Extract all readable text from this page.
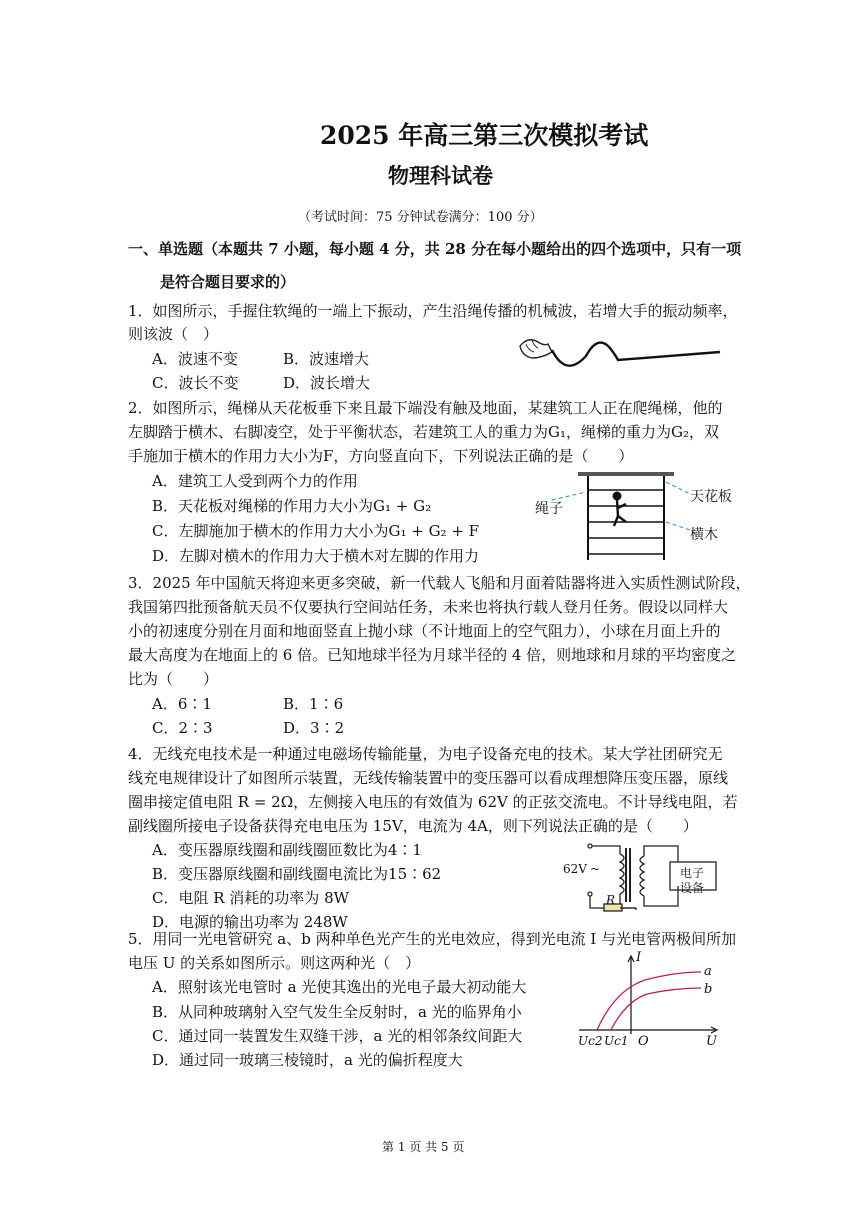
2025 年高三第三次模拟考试
物理科试卷
（考试时间：75 分钟试卷满分：100 分）
一、单选题（本题共 7 小题，每小题 4 分，共 28 分在每小题给出的四个选项中，只有一项
是符合题目要求的）
1．如图所示，手握住软绳的一端上下振动，产生沿绳传播的机械波，若增大手的振动频率，
则该波（　）
A．波速不变	B．波速增大
C．波长不变	D．波长增大
2．如图所示，绳梯从天花板垂下来且最下端没有触及地面，某建筑工人正在爬绳梯，他的
左脚踏于横木、右脚凌空，处于平衡状态，若建筑工人的重力为G₁，绳梯的重力为G₂，双
手施加于横木的作用力大小为F，方向竖直向下，下列说法正确的是（　　）
A．建筑工人受到两个力的作用
B．天花板对绳梯的作用力大小为G₁ + G₂
C．左脚施加于横木的作用力大小为G₁ + G₂ + F
D．左脚对横木的作用力大于横木对左脚的作用力
绳子
天花板
横木
3．2025 年中国航天将迎来更多突破，新一代载人飞船和月面着陆器将进入实质性测试阶段，
我国第四批预备航天员不仅要执行空间站任务，未来也将执行载人登月任务。假设以同样大
小的初速度分别在月面和地面竖直上抛小球（不计地面上的空气阻力），小球在月面上升的
最大高度为在地面上的 6 倍。已知地球半径为月球半径的 4 倍，则地球和月球的平均密度之
比为（　　）
A．6∶1	B．1∶6
C．2∶3	D．3∶2
4．无线充电技术是一种通过电磁场传输能量，为电子设备充电的技术。某大学社团研究无
线充电规律设计了如图所示装置，无线传输装置中的变压器可以看成理想降压变压器，原线
圈串接定值电阻 R = 2Ω，左侧接入电压的有效值为 62V 的正弦交流电。不计导线电阻，若
副线圈所接电子设备获得充电电压为 15V，电流为 4A，则下列说法正确的是（　　）
A．变压器原线圈和副线圈匝数比为4∶1
B．变压器原线圈和副线圈电流比为15∶62
C．电阻 R 消耗的功率为 8W
D．电源的输出功率为 248W
62V ~
R
电子
设备
5．用同一光电管研究 a、b 两种单色光产生的光电效应，得到光电流 I 与光电管两极间所加
电压 U 的关系如图所示。则这两种光（　）
A．照射该光电管时 a 光使其逸出的光电子最大初动能大
B．从同种玻璃射入空气发生全反射时，a 光的临界角小
C．通过同一装置发生双缝干涉，a 光的相邻条纹间距大
D．通过同一玻璃三棱镜时，a 光的偏折程度大
I
U
a
b
Uc2 Uc1 O
第 1 页 共 5 页
